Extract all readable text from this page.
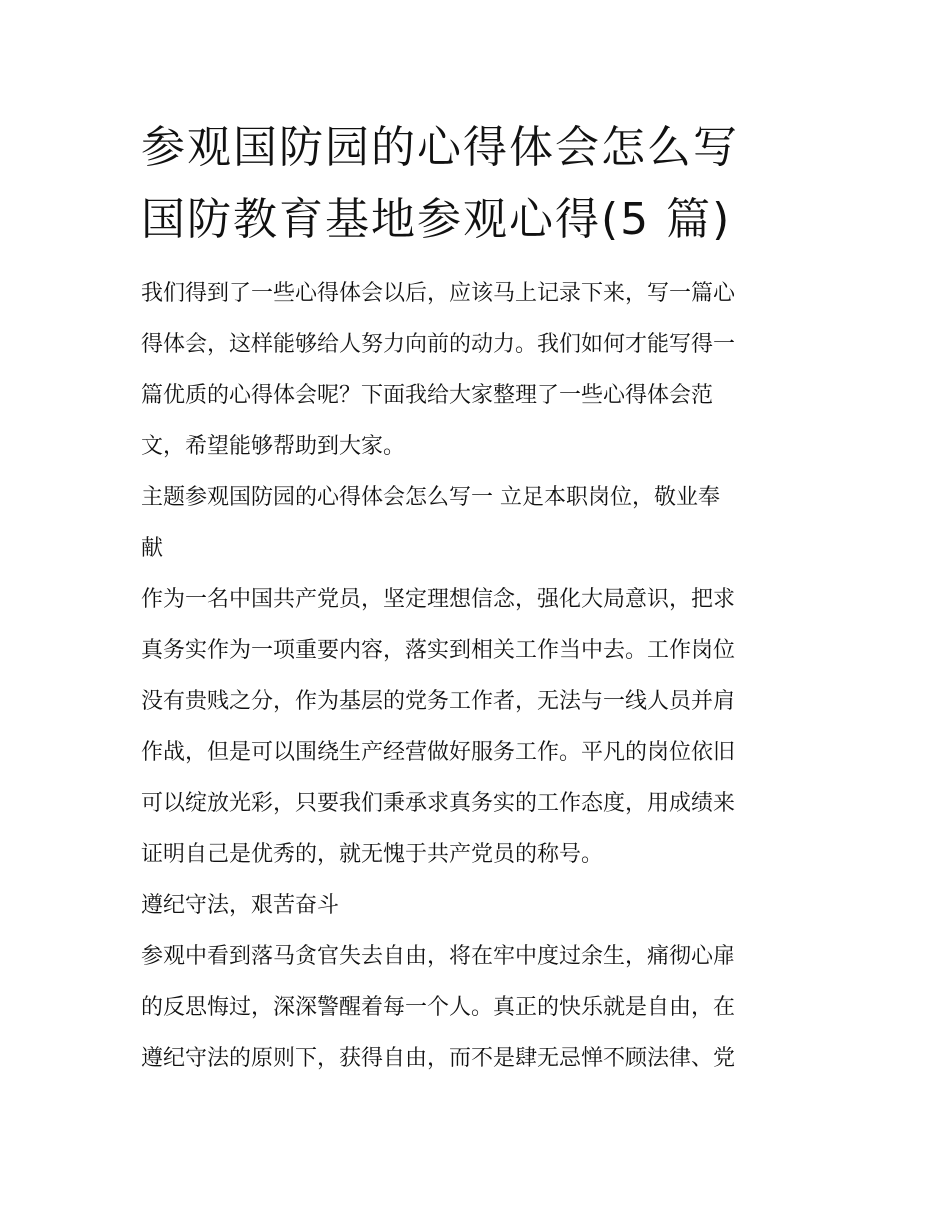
参观国防园的心得体会怎么写
国防教育基地参观心得(5 篇)

我们得到了一些心得体会以后，应该马上记录下来，写一篇心
得体会，这样能够给人努力向前的动力。我们如何才能写得一
篇优质的心得体会呢？下面我给大家整理了一些心得体会范
文，希望能够帮助到大家。

主题参观国防园的心得体会怎么写一 立足本职岗位，敬业奉
献

作为一名中国共产党员，坚定理想信念，强化大局意识，把求
真务实作为一项重要内容，落实到相关工作当中去。工作岗位
没有贵贱之分，作为基层的党务工作者，无法与一线人员并肩
作战，但是可以围绕生产经营做好服务工作。平凡的岗位依旧
可以绽放光彩，只要我们秉承求真务实的工作态度，用成绩来
证明自己是优秀的，就无愧于共产党员的称号。

遵纪守法，艰苦奋斗

参观中看到落马贪官失去自由，将在牢中度过余生，痛彻心扉
的反思悔过，深深警醒着每一个人。真正的快乐就是自由，在
遵纪守法的原则下，获得自由，而不是肆无忌惮不顾法律、党
